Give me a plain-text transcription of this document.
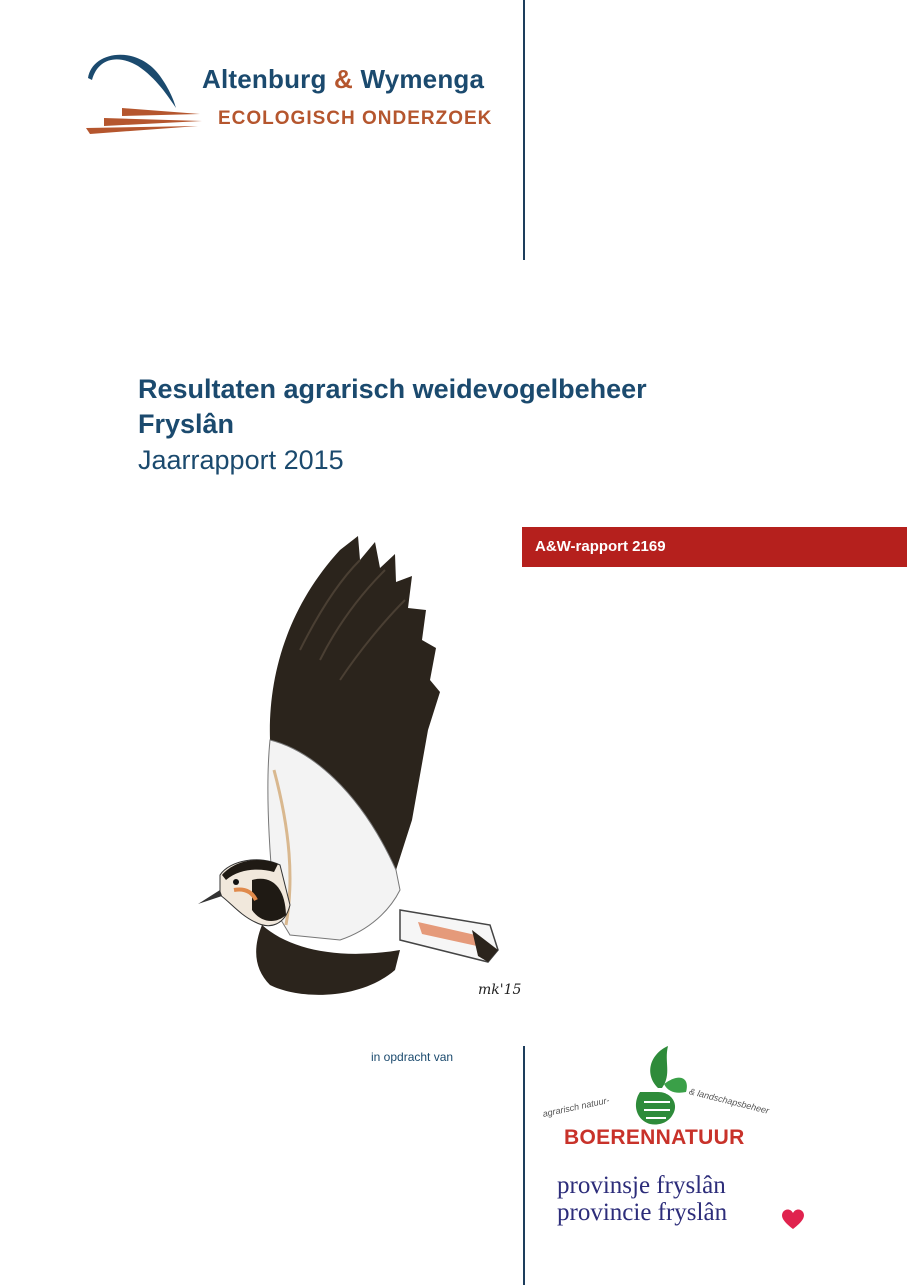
Altenburg & Wymenga
ECOLOGISCH ONDERZOEK
Resultaten agrarisch weidevogelbeheer
Fryslân
Jaarrapport 2015
A&W-rapport 2169
mk'15
in opdracht van
agrarisch natuur-	& landschapsbeheer
BOERENNATUUR
provinsje fryslân
provincie fryslân
